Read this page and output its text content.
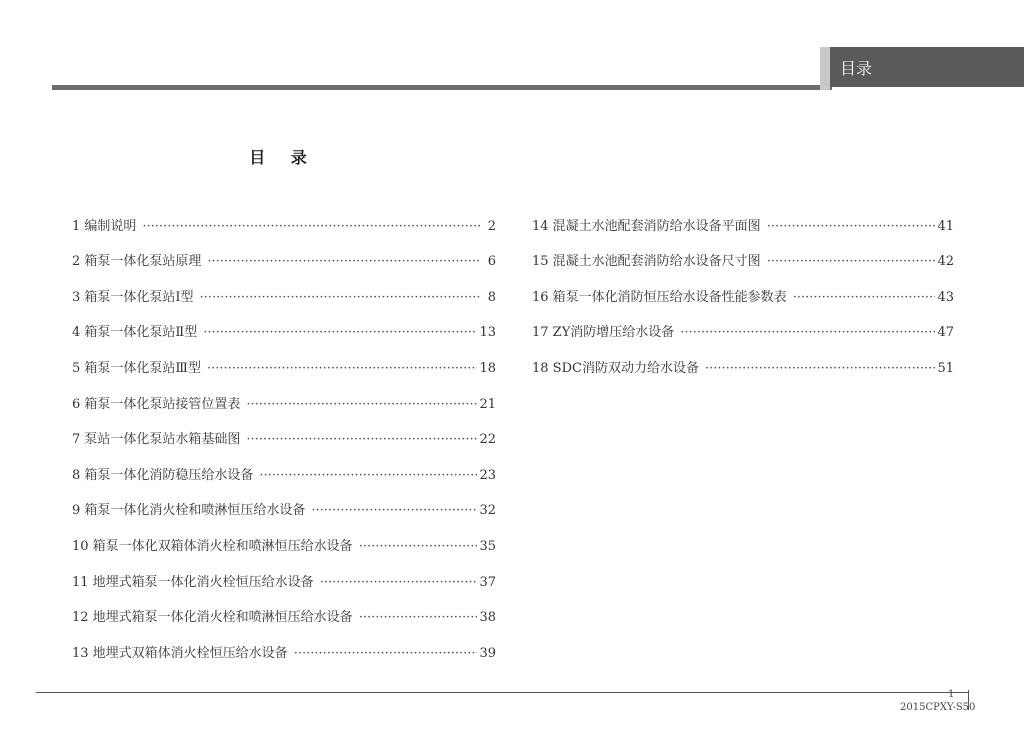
目录
目 录
1 编制说明 ·····	2
2 箱泵一体化泵站原理 ·····	6
3 箱泵一体化泵站Ⅰ型 ·····	8
4 箱泵一体化泵站Ⅱ型 ·····	13
5 箱泵一体化泵站Ⅲ型 ·····	18
6 箱泵一体化泵站接管位置表 ·····	21
7 泵站一体化泵站水箱基础图 ·····	22
8 箱泵一体化消防稳压给水设备 ·····	23
9 箱泵一体化消火栓和喷淋恒压给水设备 ·····	32
10 箱泵一体化双箱体消火栓和喷淋恒压给水设备 ·····	35
11 地埋式箱泵一体化消火栓恒压给水设备 ·····	37
12 地埋式箱泵一体化消火栓和喷淋恒压给水设备 ·····	38
13 地埋式双箱体消火栓恒压给水设备 ·····	39
14 混凝土水池配套消防给水设备平面图 ·····	41
15 混凝土水池配套消防给水设备尺寸图 ·····	42
16 箱泵一体化消防恒压给水设备性能参数表 ·····	43
17 ZY消防增压给水设备 ·····	47
18 SDC消防双动力给水设备 ·····	51
1
2015CPXY-S50
